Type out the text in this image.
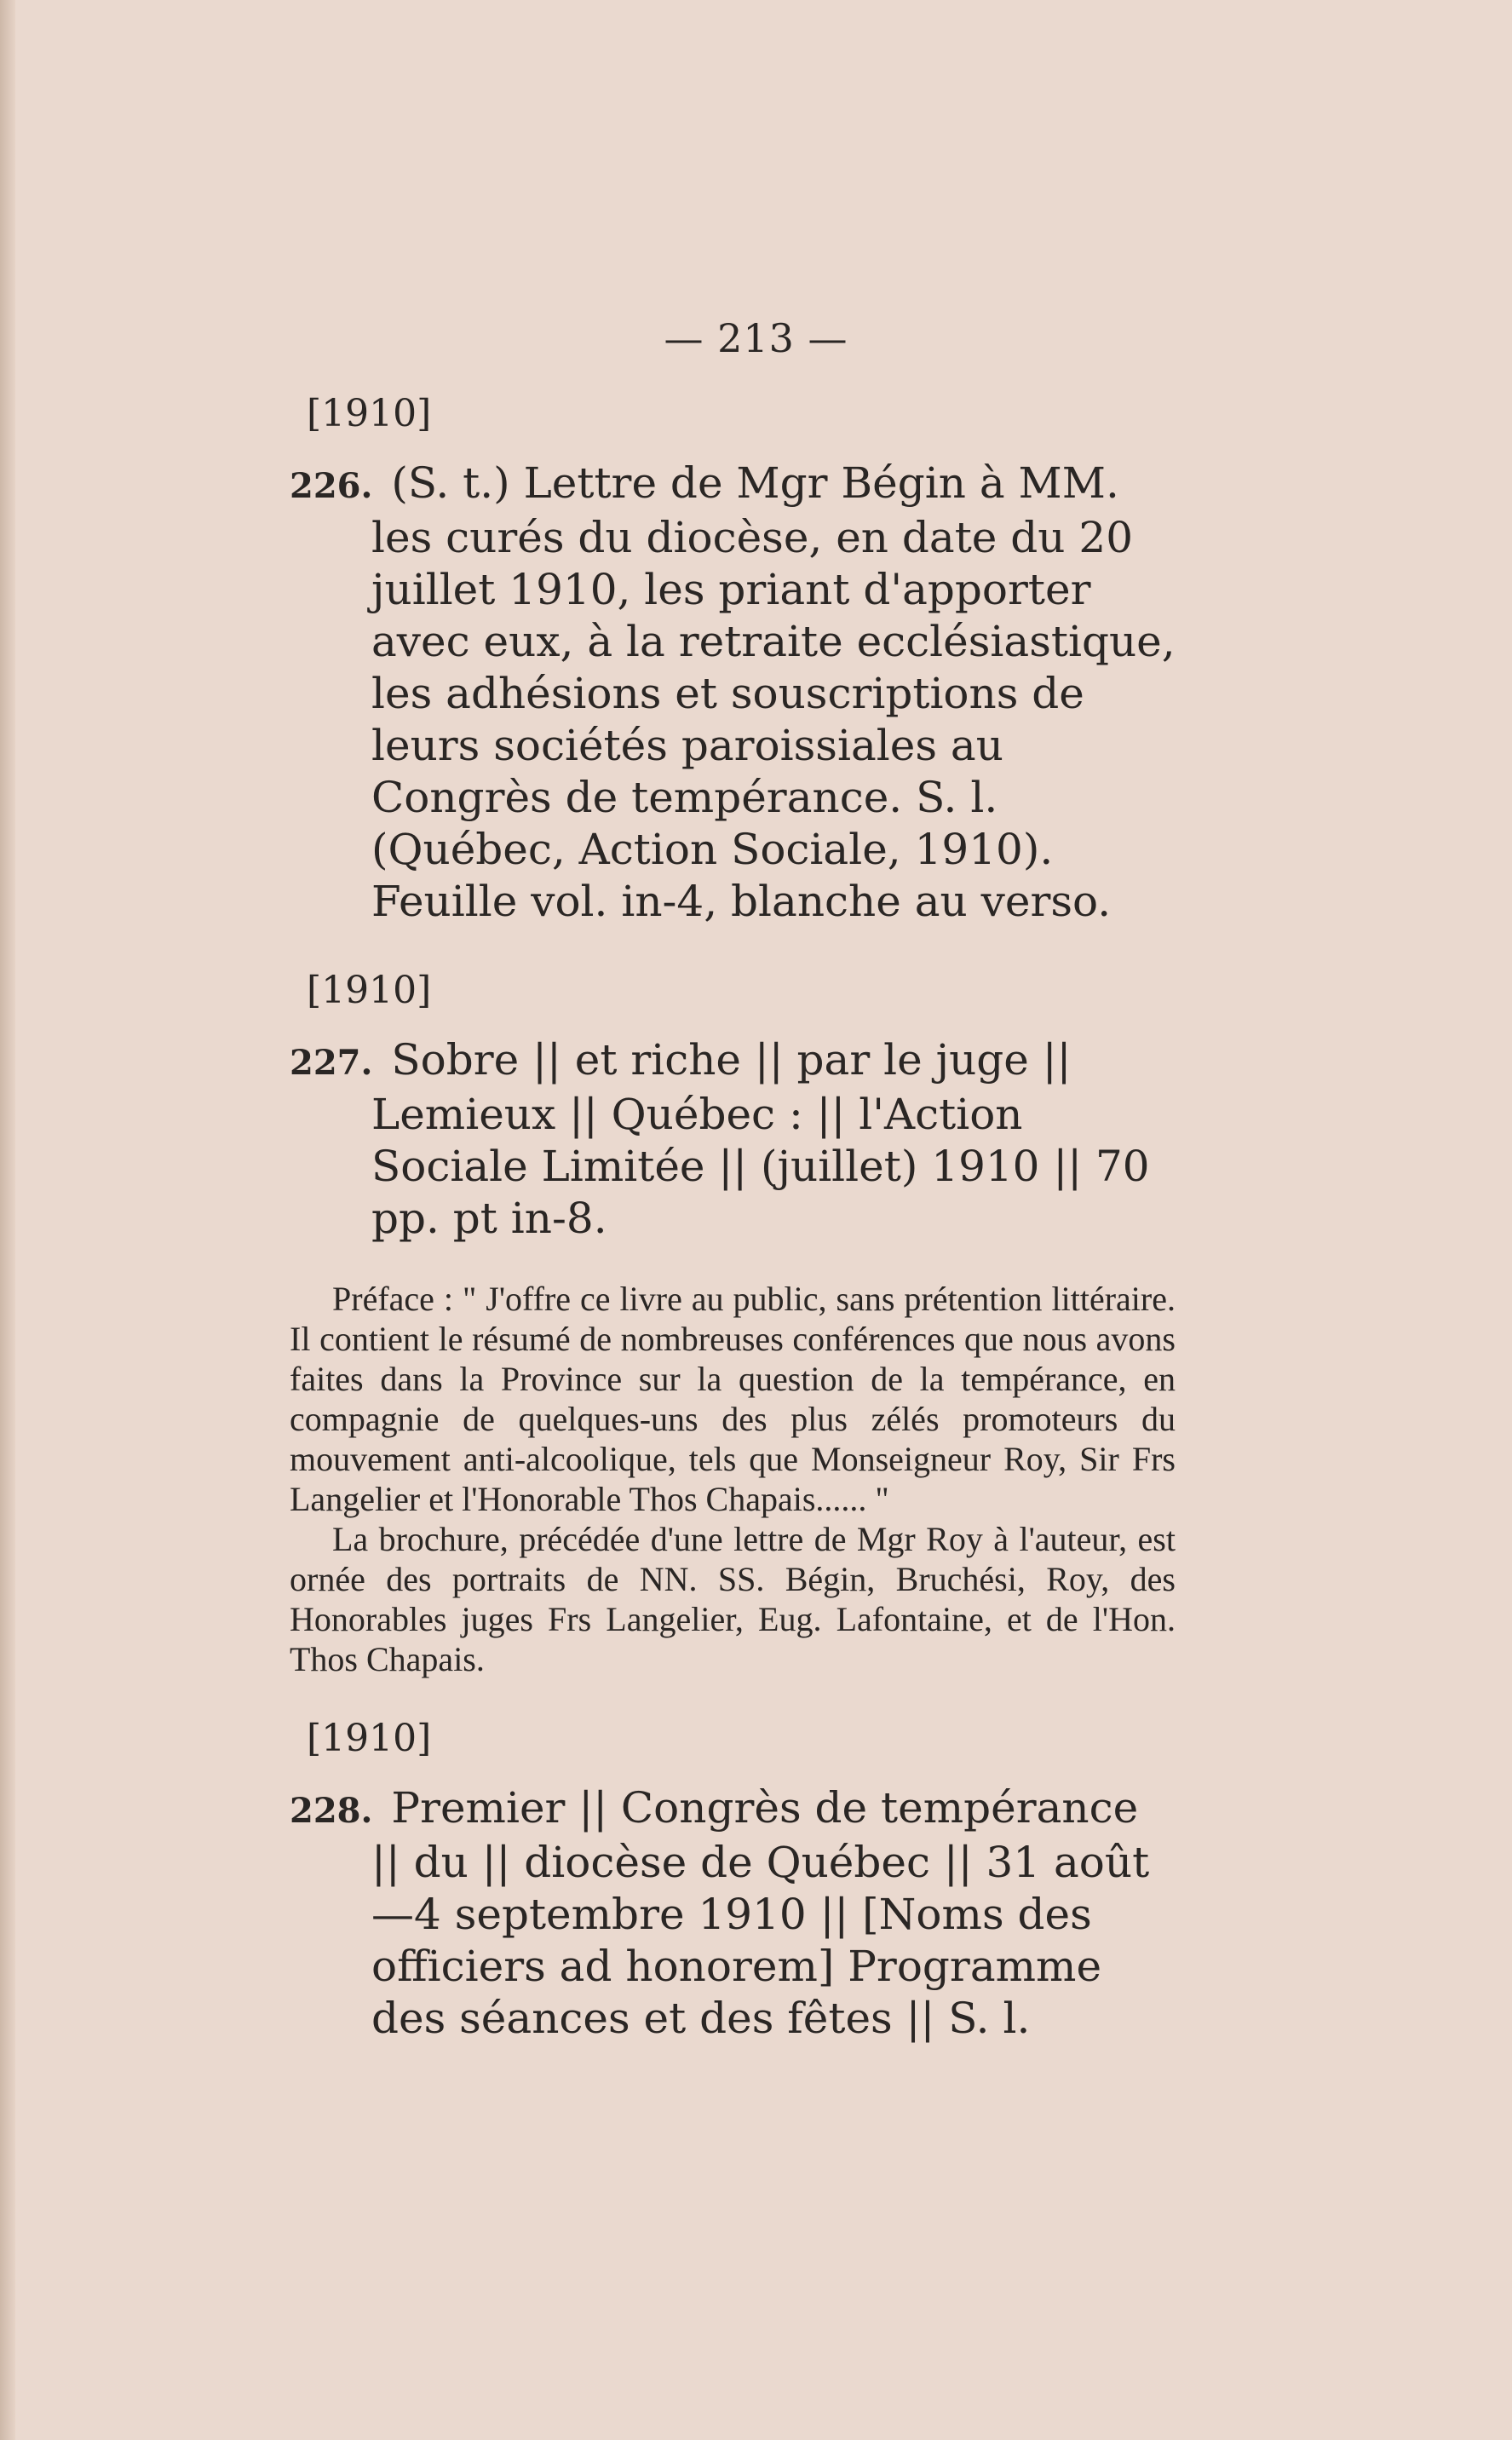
— 213 —
[1910]
226. (S. t.) Lettre de Mgr Bégin à MM. les curés du diocèse, en date du 20 juillet 1910, les priant d'apporter avec eux, à la retraite ecclésiastique, les adhésions et souscriptions de leurs sociétés paroissiales au Congrès de tempérance. S. l. (Québec, Action Sociale, 1910). Feuille vol. in-4, blanche au verso.
[1910]
227. Sobre || et riche || par le juge || Lemieux || Québec : || l'Action Sociale Limitée || (juillet) 1910 || 70 pp. pt in-8.

Préface : " J'offre ce livre au public, sans prétention littéraire. Il contient le résumé de nombreuses conférences que nous avons faites dans la Province sur la question de la tempérance, en compagnie de quelques-uns des plus zélés promoteurs du mouvement anti-alcoolique, tels que Monseigneur Roy, Sir Frs Langelier et l'Honorable Thos Chapais...... "

La brochure, précédée d'une lettre de Mgr Roy à l'auteur, est ornée des portraits de NN. SS. Bégin, Bruchési, Roy, des Honorables juges Frs Langelier, Eug. Lafontaine, et de l'Hon. Thos Chapais.

[1910]
228. Premier || Congrès de tempérance || du || diocèse de Québec || 31 août—4 septembre 1910 || [Noms des officiers ad honorem] Programme des séances et des fêtes || S. l.
